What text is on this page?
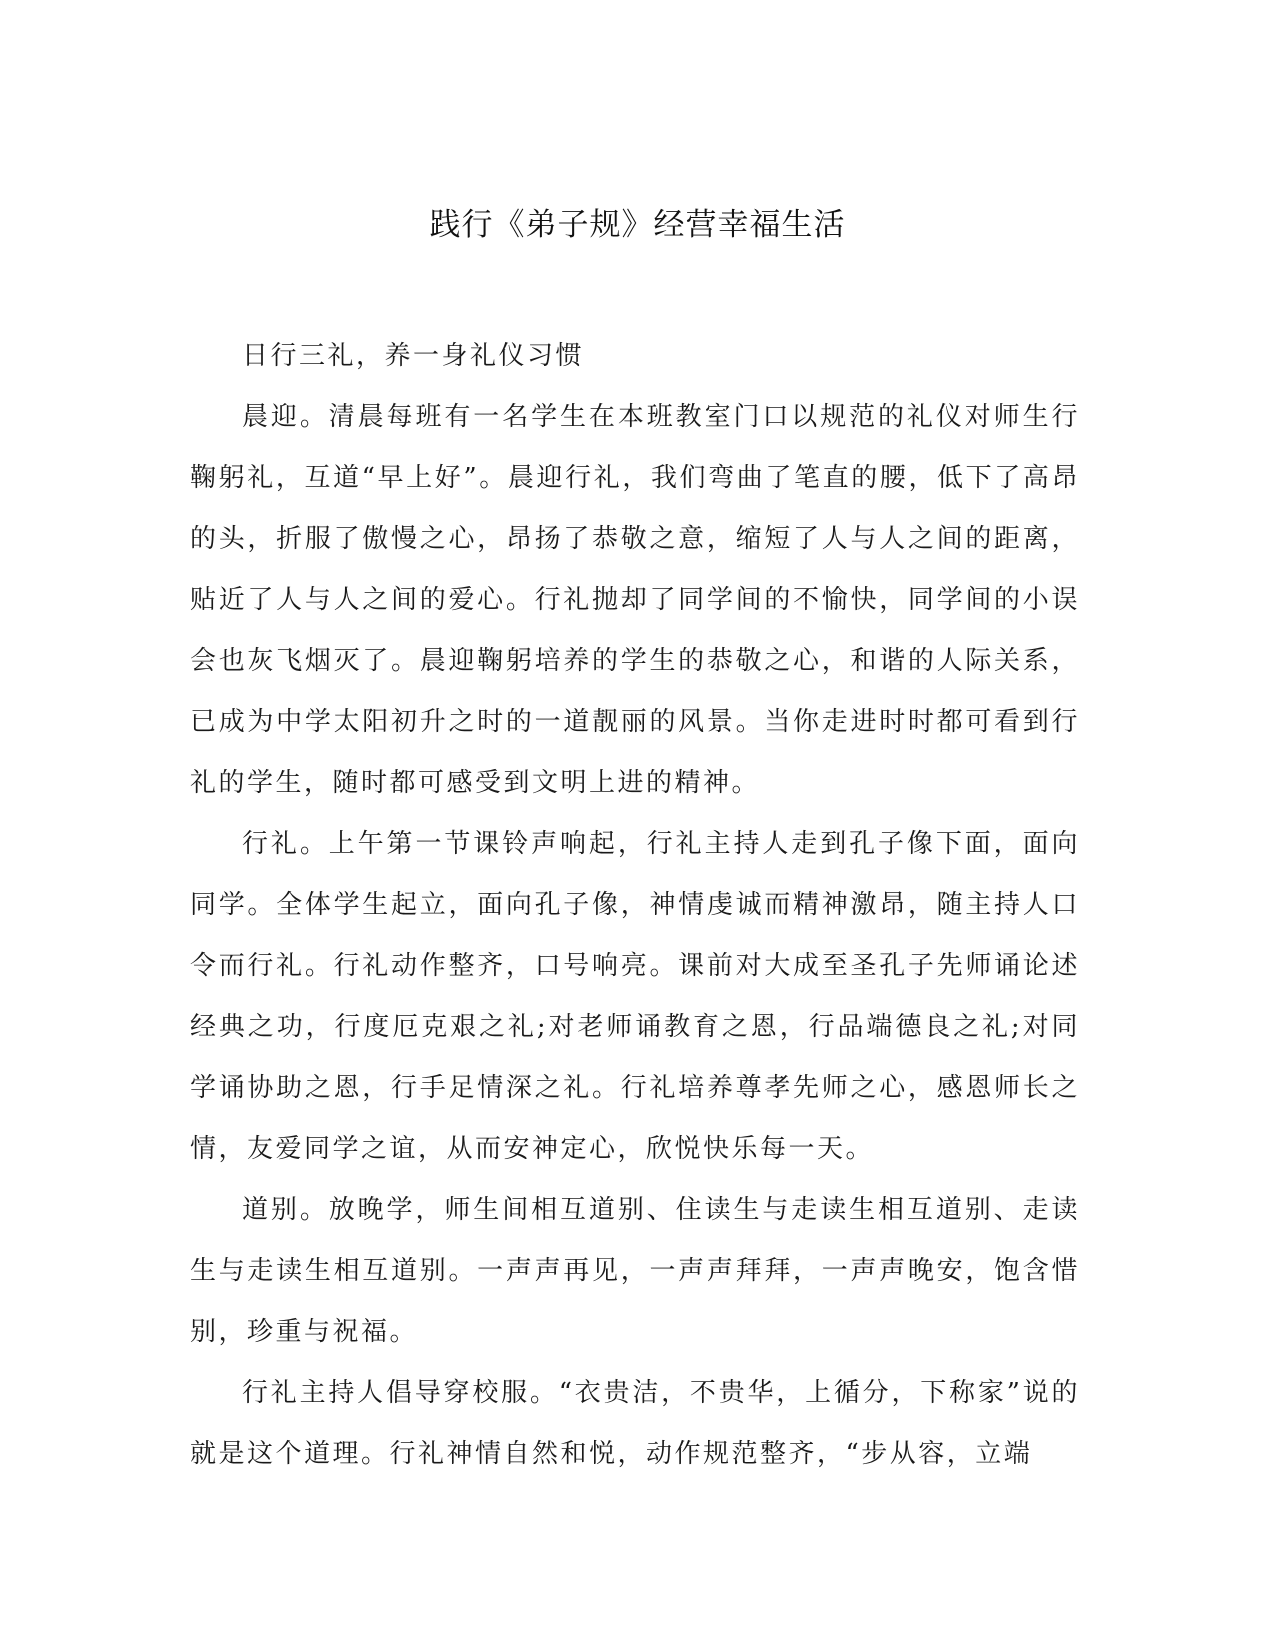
践行《弟子规》经营幸福生活

日行三礼，养一身礼仪习惯

晨迎。清晨每班有一名学生在本班教室门口以规范的礼仪对师生行鞠躬礼，互道“早上好”。晨迎行礼，我们弯曲了笔直的腰，低下了高昂的头，折服了傲慢之心，昂扬了恭敬之意，缩短了人与人之间的距离，贴近了人与人之间的爱心。行礼抛却了同学间的不愉快，同学间的小误会也灰飞烟灭了。晨迎鞠躬培养的学生的恭敬之心，和谐的人际关系，已成为中学太阳初升之时的一道靓丽的风景。当你走进时时都可看到行礼的学生，随时都可感受到文明上进的精神。

行礼。上午第一节课铃声响起，行礼主持人走到孔子像下面，面向同学。全体学生起立，面向孔子像，神情虔诚而精神激昂，随主持人口令而行礼。行礼动作整齐，口号响亮。课前对大成至圣孔子先师诵论述经典之功，行度厄克艰之礼;对老师诵教育之恩，行品端德良之礼;对同学诵协助之恩，行手足情深之礼。行礼培养尊孝先师之心，感恩师长之情，友爱同学之谊，从而安神定心，欣悦快乐每一天。

道别。放晚学，师生间相互道别、住读生与走读生相互道别、走读生与走读生相互道别。一声声再见，一声声拜拜，一声声晚安，饱含惜别，珍重与祝福。

行礼主持人倡导穿校服。“衣贵洁，不贵华，上循分，下称家”说的就是这个道理。行礼神情自然和悦，动作规范整齐，“步从容，立端
